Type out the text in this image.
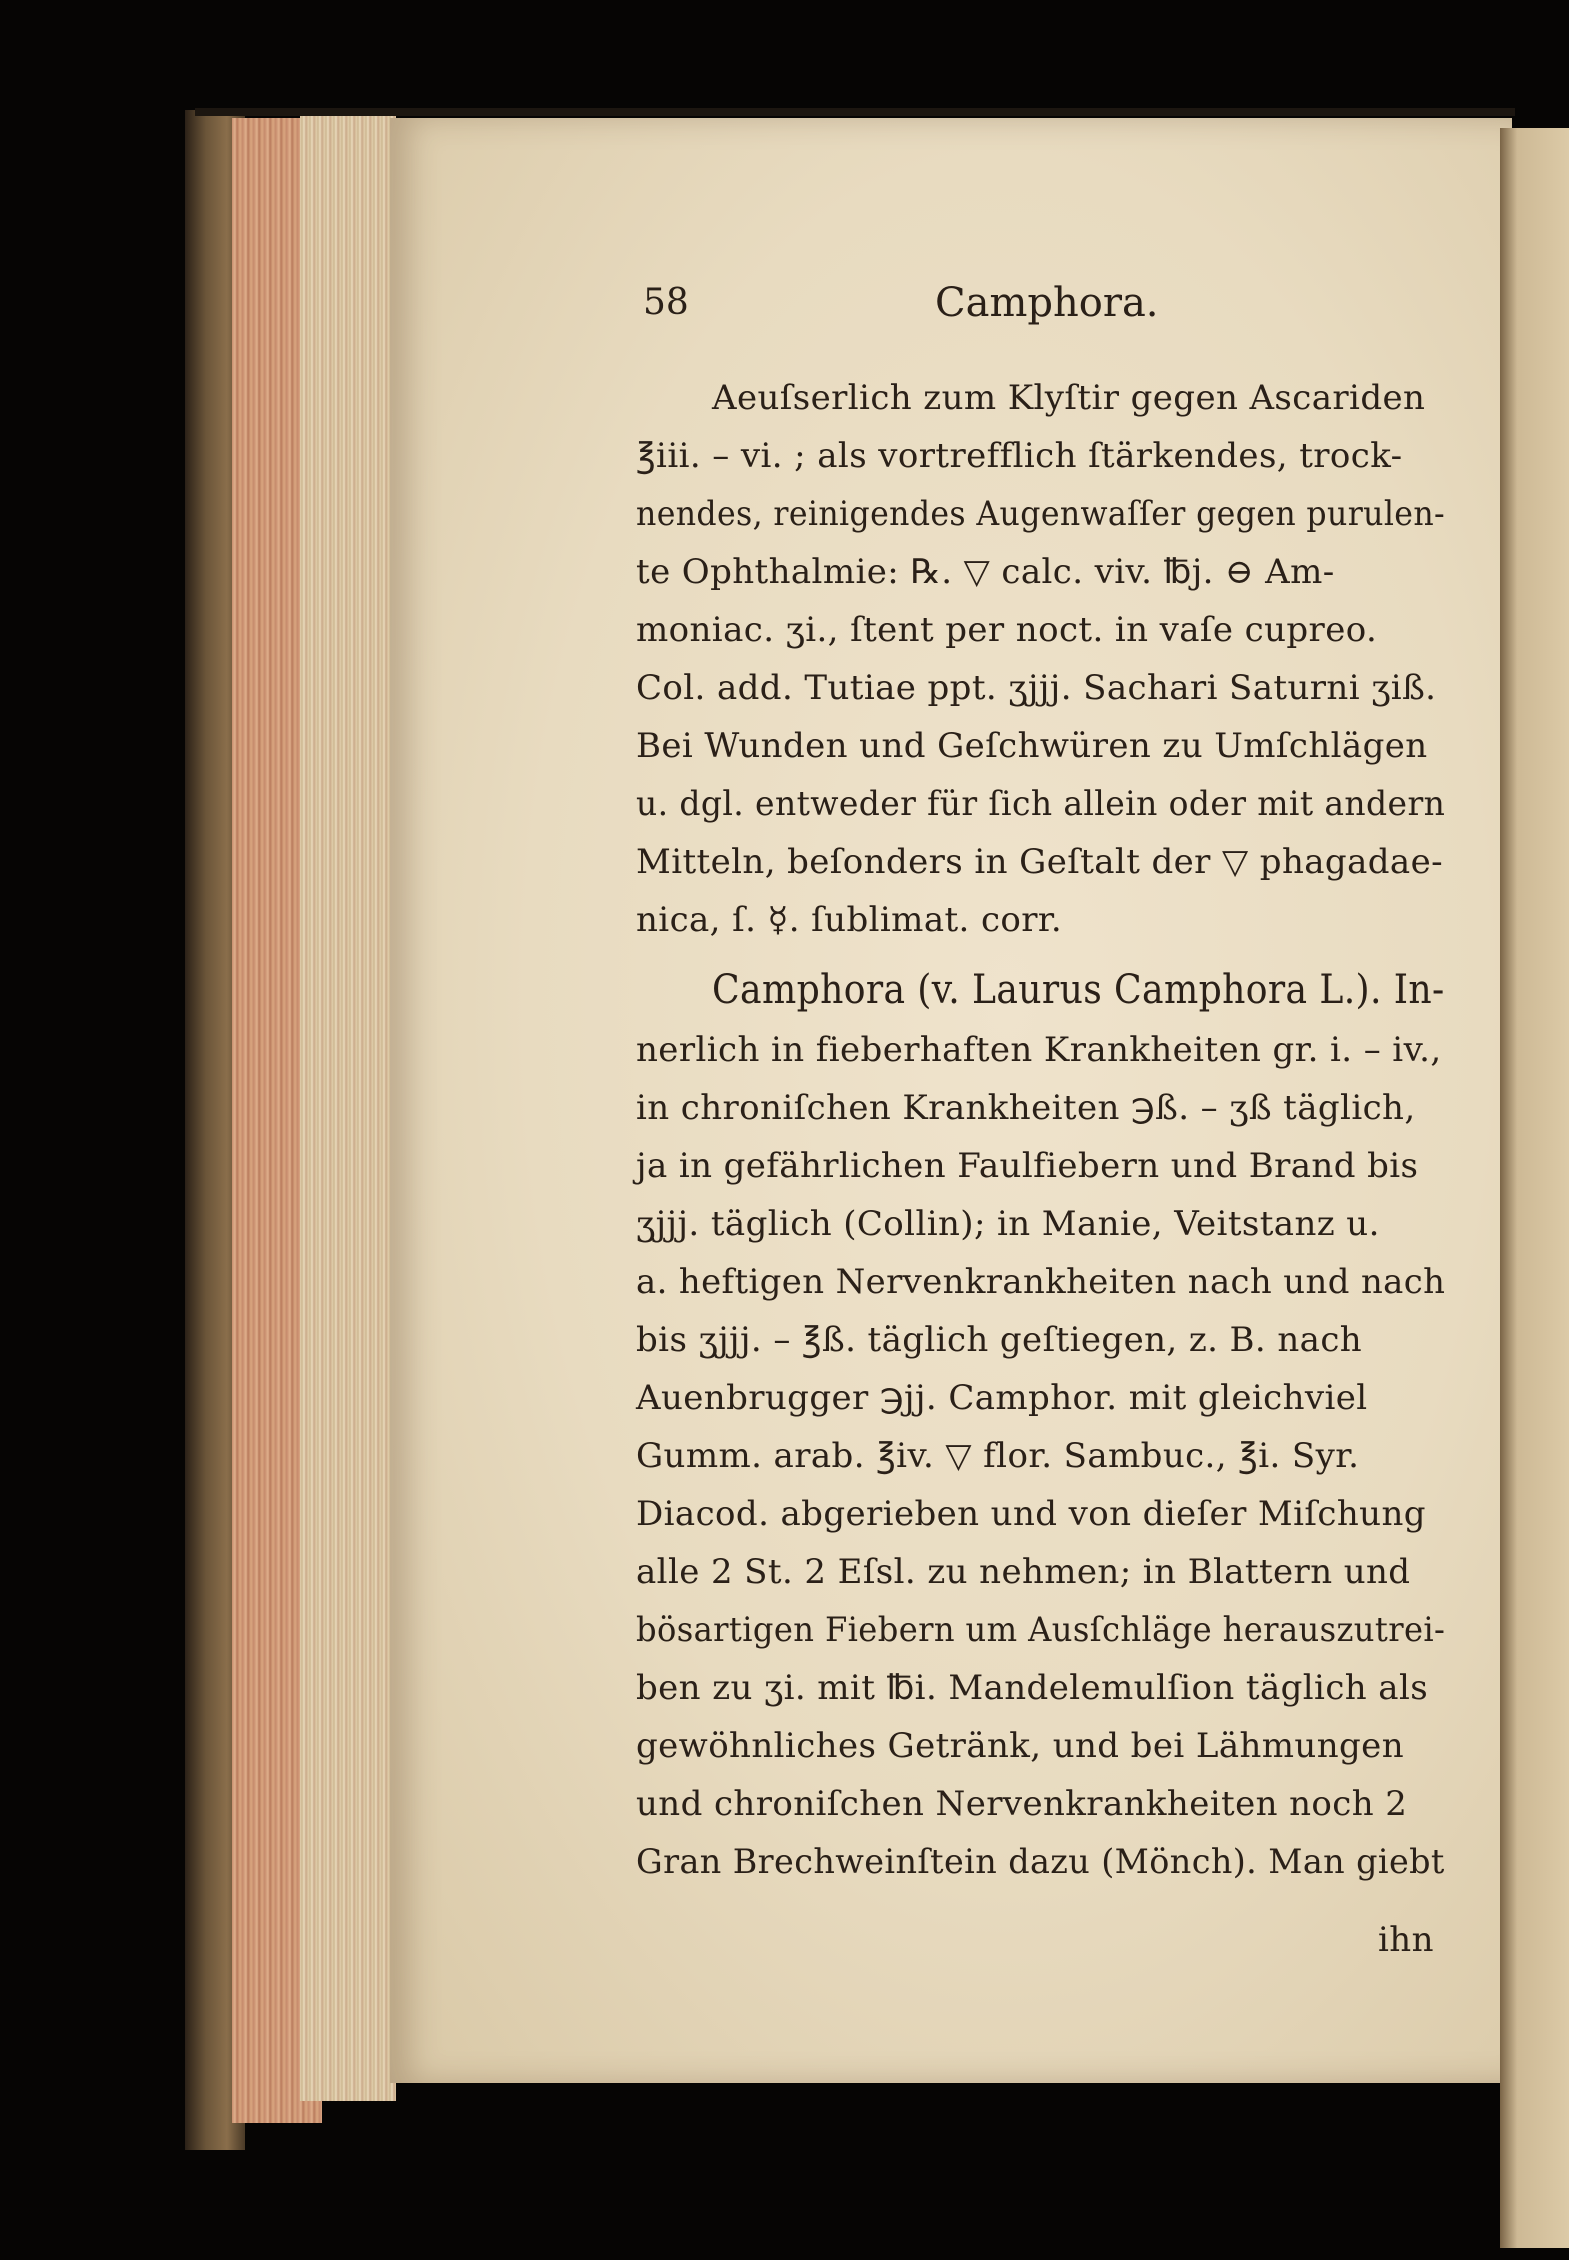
58	Camphora.
Aeuſserlich zum Klyſtir gegen Ascariden
℥iii. – vi. ; als vortrefflich ſtärkendes, trock-
nendes, reinigendes Augenwaſſer gegen purulen-
te Ophthalmie: ℞. ▽ calc. viv. ℔j. ⊖ Am-
moniac. ʒi., ſtent per noct. in vaſe cupreo.
Col. add. Tutiae ppt. ʒjjj. Sachari Saturni ʒiß.
Bei Wunden und Geſchwüren zu Umſchlägen
u. dgl. entweder für ſich allein oder mit andern
Mitteln, beſonders in Geſtalt der ▽ phagadae-
nica, ſ. ☿. ſublimat. corr.
Camphora (v. Laurus Camphora L.). In-
nerlich in fieberhaften Krankheiten gr. i. – iv.,
in chroniſchen Krankheiten ℈ß. – ʒß täglich,
ja in gefährlichen Faulfiebern und Brand bis
ʒjjj. täglich (Collin); in Manie, Veitstanz u.
a. heftigen Nervenkrankheiten nach und nach
bis ʒjjj. – ℥ß. täglich geſtiegen, z. B. nach
Auenbrugger ℈jj. Camphor. mit gleichviel
Gumm. arab. ℥iv. ▽ flor. Sambuc., ℥i. Syr.
Diacod. abgerieben und von dieſer Miſchung
alle 2 St. 2 Eſsl. zu nehmen; in Blattern und
bösartigen Fiebern um Ausſchläge herauszutrei-
ben zu ʒi. mit ℔i. Mandelemulſion täglich als
gewöhnliches Getränk, und bei Lähmungen
und chroniſchen Nervenkrankheiten noch 2
Gran Brechweinſtein dazu (Mönch). Man giebt
ihn
